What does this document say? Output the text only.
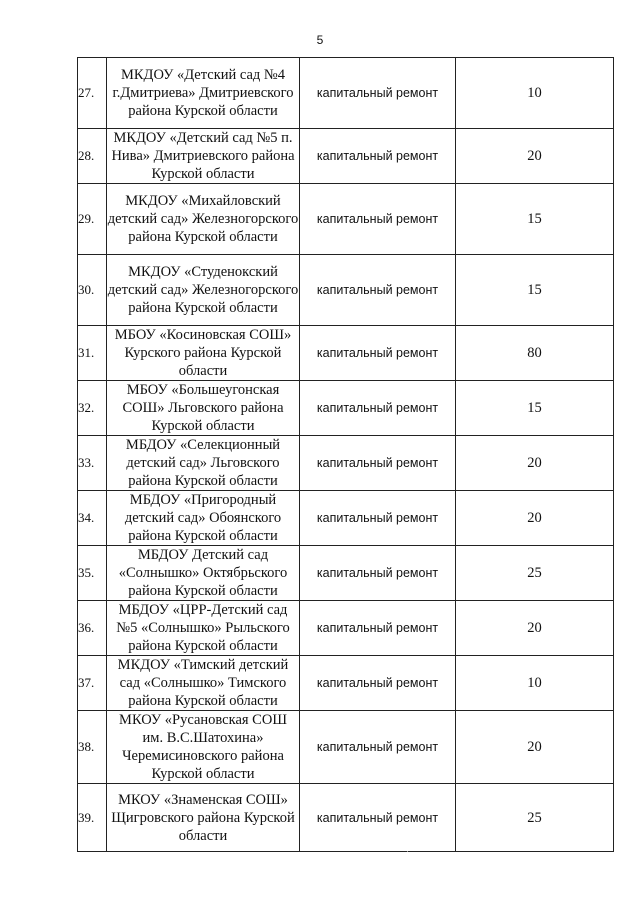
5
27.	МКДОУ «Детский сад №4 г.Дмитриева» Дмитриевского района Курской области	капитальный ремонт	10
28.	МКДОУ «Детский сад №5 п. Нива» Дмитриевского района Курской области	капитальный ремонт	20
29.	МКДОУ «Михайловский детский сад» Железногорского района Курской области	капитальный ремонт	15
30.	МКДОУ «Студенокский детский сад» Железногорского района Курской области	капитальный ремонт	15
31.	МБОУ «Косиновская СОШ» Курского района Курской области	капитальный ремонт	80
32.	МБОУ «Большеугонская СОШ» Льговского района Курской области	капитальный ремонт	15
33.	МБДОУ «Селекционный детский сад» Льговского района Курской области	капитальный ремонт	20
34.	МБДОУ «Пригородный детский сад» Обоянского района Курской области	капитальный ремонт	20
35.	МБДОУ Детский сад «Солнышко» Октябрьского района Курской области	капитальный ремонт	25
36.	МБДОУ «ЦРР-Детский сад №5 «Солнышко» Рыльского района Курской области	капитальный ремонт	20
37.	МКДОУ «Тимский детский сад «Солнышко» Тимского района Курской области	капитальный ремонт	10
38.	МКОУ «Русановская СОШ им. В.С.Шатохина» Черемисиновского района Курской области	капитальный ремонт	20
39.	МКОУ «Знаменская СОШ» Щигровского района Курской области	капитальный ремонт	25
